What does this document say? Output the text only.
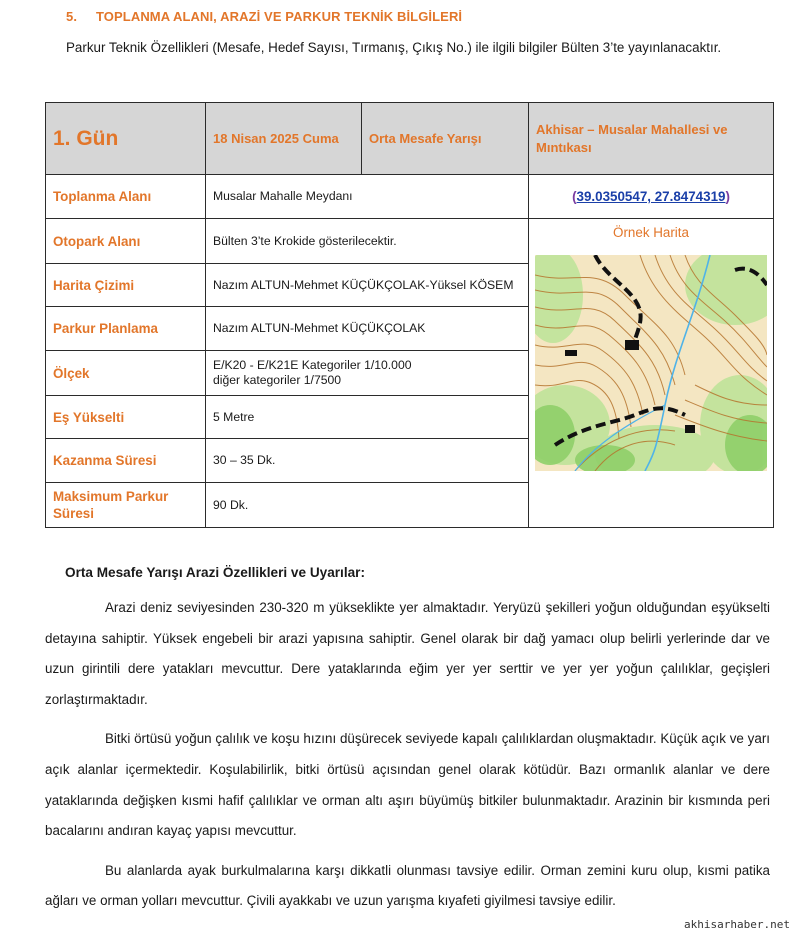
5. TOPLANMA ALANI, ARAZİ VE PARKUR TEKNİK BİLGİLERİ
Parkur Teknik Özellikleri (Mesafe, Hedef Sayısı, Tırmanış, Çıkış No.) ile ilgili bilgiler Bülten 3’te yayınlanacaktır.
1. Gün	18 Nisan 2025 Cuma	Orta Mesafe Yarışı	Akhisar – Musalar Mahallesi ve Mıntıkası
Toplanma Alanı	Musalar Mahalle Meydanı		(39.0350547, 27.8474319)
Otopark Alanı	Bülten 3’te Krokide gösterilecektir.		Örnek Harita

Harita Çizimi	Nazım ALTUN-Mehmet KÜÇÜKÇOLAK-Yüksel KÖSEM		
Parkur Planlama	Nazım ALTUN-Mehmet KÜÇÜKÇOLAK		
Ölçek	E/K20 - E/K21E Kategoriler 1/10.000
diğer kategoriler 1/7500		

Eş Yükselti	5 Metre		
Kazanma Süresi	30 – 35 Dk.		
Maksimum Parkur Süresi	90 Dk.		
Orta Mesafe Yarışı Arazi Özellikleri ve Uyarılar:

Arazi deniz seviyesinden 230-320 m yükseklikte yer almaktadır. Yeryüzü şekilleri yoğun olduğundan eşyükselti detayına sahiptir. Yüksek engebeli bir arazi yapısına sahiptir. Genel olarak bir dağ yamacı olup belirli yerlerinde dar ve uzun girintili dere yatakları mevcuttur. Dere yataklarında eğim yer yer serttir ve yer yer yoğun çalılıklar, geçişleri zorlaştırmaktadır.

Bitki örtüsü yoğun çalılık ve koşu hızını düşürecek seviyede kapalı çalılıklardan oluşmaktadır. Küçük açık ve yarı açık alanlar içermektedir. Koşulabilirlik, bitki örtüsü açısından genel olarak kötüdür. Bazı ormanlık alanlar ve dere yataklarında değişken kısmi hafif çalılıklar ve orman altı aşırı büyümüş bitkiler bulunmaktadır. Arazinin bir kısmında peri bacalarını andıran kayaç yapısı mevcuttur.

Bu alanlarda ayak burkulmalarına karşı dikkatli olunması tavsiye edilir. Orman zemini kuru olup, kısmi patika ağları ve orman yolları mevcuttur. Çivili ayakkabı ve uzun yarışma kıyafeti giyilmesi tavsiye edilir.

akhisarhaber.net
